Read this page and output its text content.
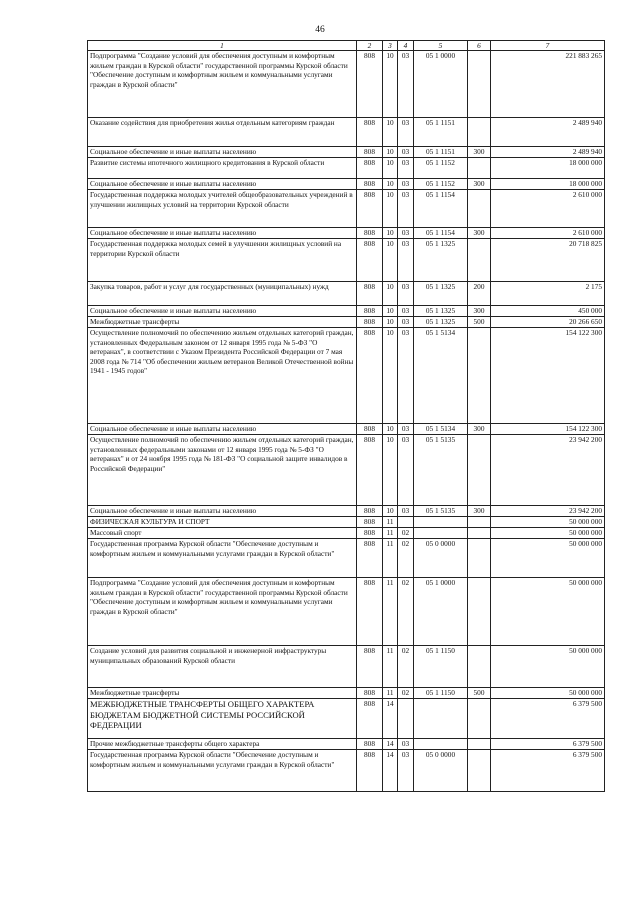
46
1	2	3	4	5	6	7
Подпрограмма "Создание условий для обеспечения доступным и комфортным жильем граждан в Курской области" государственной программы Курской области "Обеспечение доступным и комфортным жильем и коммунальными услугами граждан в Курской области"	808	10	03	05 1 0000		221 883 265
Оказание содействия для приобретения жилья отдельным категориям граждан	808	10	03	05 1 1151		2 489 940
Социальное обеспечение и иные выплаты населению	808	10	03	05 1 1151	300	2 489 940
Развитие системы ипотечного жилищного кредитования в Курской области	808	10	03	05 1 1152		18 000 000
Социальное обеспечение и иные выплаты населению	808	10	03	05 1 1152	300	18 000 000
Государственная поддержка молодых учителей общеобразовательных учреждений в улучшении жилищных условий на территории Курской области	808	10	03	05 1 1154		2 610 000
Социальное обеспечение и иные выплаты населению	808	10	03	05 1 1154	300	2 610 000
Государственная поддержка молодых семей в улучшении жилищных условий на территории Курской области	808	10	03	05 1 1325		20 718 825
Закупка товаров, работ и услуг для государственных (муниципальных) нужд	808	10	03	05 1 1325	200	2 175
Социальное обеспечение и иные выплаты населению	808	10	03	05 1 1325	300	450 000
Межбюджетные трансферты	808	10	03	05 1 1325	500	20 266 650
Осуществление полномочий по обеспечению жильем отдельных категорий граждан, установленных Федеральным законом от 12 января 1995 года № 5-ФЗ "О ветеранах", в соответствии с Указом Президента Российской Федерации от 7 мая 2008 года № 714 "Об обеспечении жильем ветеранов Великой Отечественной войны 1941 - 1945 годов"	808	10	03	05 1 5134		154 122 300
Социальное обеспечение и иные выплаты населению	808	10	03	05 1 5134	300	154 122 300
Осуществление полномочий по обеспечению жильем отдельных категорий граждан, установленных федеральными законами от 12 января 1995 года № 5-ФЗ "О ветеранах" и от 24 ноября 1995 года № 181-ФЗ "О социальной защите инвалидов в Российской Федерации"	808	10	03	05 1 5135		23 942 200
Социальное обеспечение и иные выплаты населению	808	10	03	05 1 5135	300	23 942 200
ФИЗИЧЕСКАЯ КУЛЬТУРА И СПОРТ	808	11				50 000 000
Массовый спорт	808	11	02			50 000 000
Государственная программа Курской области "Обеспечение доступным и комфортным жильем и коммунальными услугами граждан в Курской области"	808	11	02	05 0 0000		50 000 000
Подпрограмма "Создание условий для обеспечения доступным и комфортным жильем граждан в Курской области" государственной программы Курской области "Обеспечение доступным и комфортным жильем и коммунальными услугами граждан в Курской области"	808	11	02	05 1 0000		50 000 000
Создание условий для развития социальной и инженерной инфраструктуры муниципальных образований Курской области	808	11	02	05 1 1150		50 000 000
Межбюджетные трансферты	808	11	02	05 1 1150	500	50 000 000
МЕЖБЮДЖЕТНЫЕ ТРАНСФЕРТЫ ОБЩЕГО ХАРАКТЕРА БЮДЖЕТАМ БЮДЖЕТНОЙ СИСТЕМЫ РОССИЙСКОЙ ФЕДЕРАЦИИ	808	14				6 379 500
Прочие межбюджетные трансферты общего характера	808	14	03			6 379 500
Государственная программа Курской области "Обеспечение доступным и комфортным жильем и коммунальными услугами граждан в Курской области"	808	14	03	05 0 0000		6 379 500
